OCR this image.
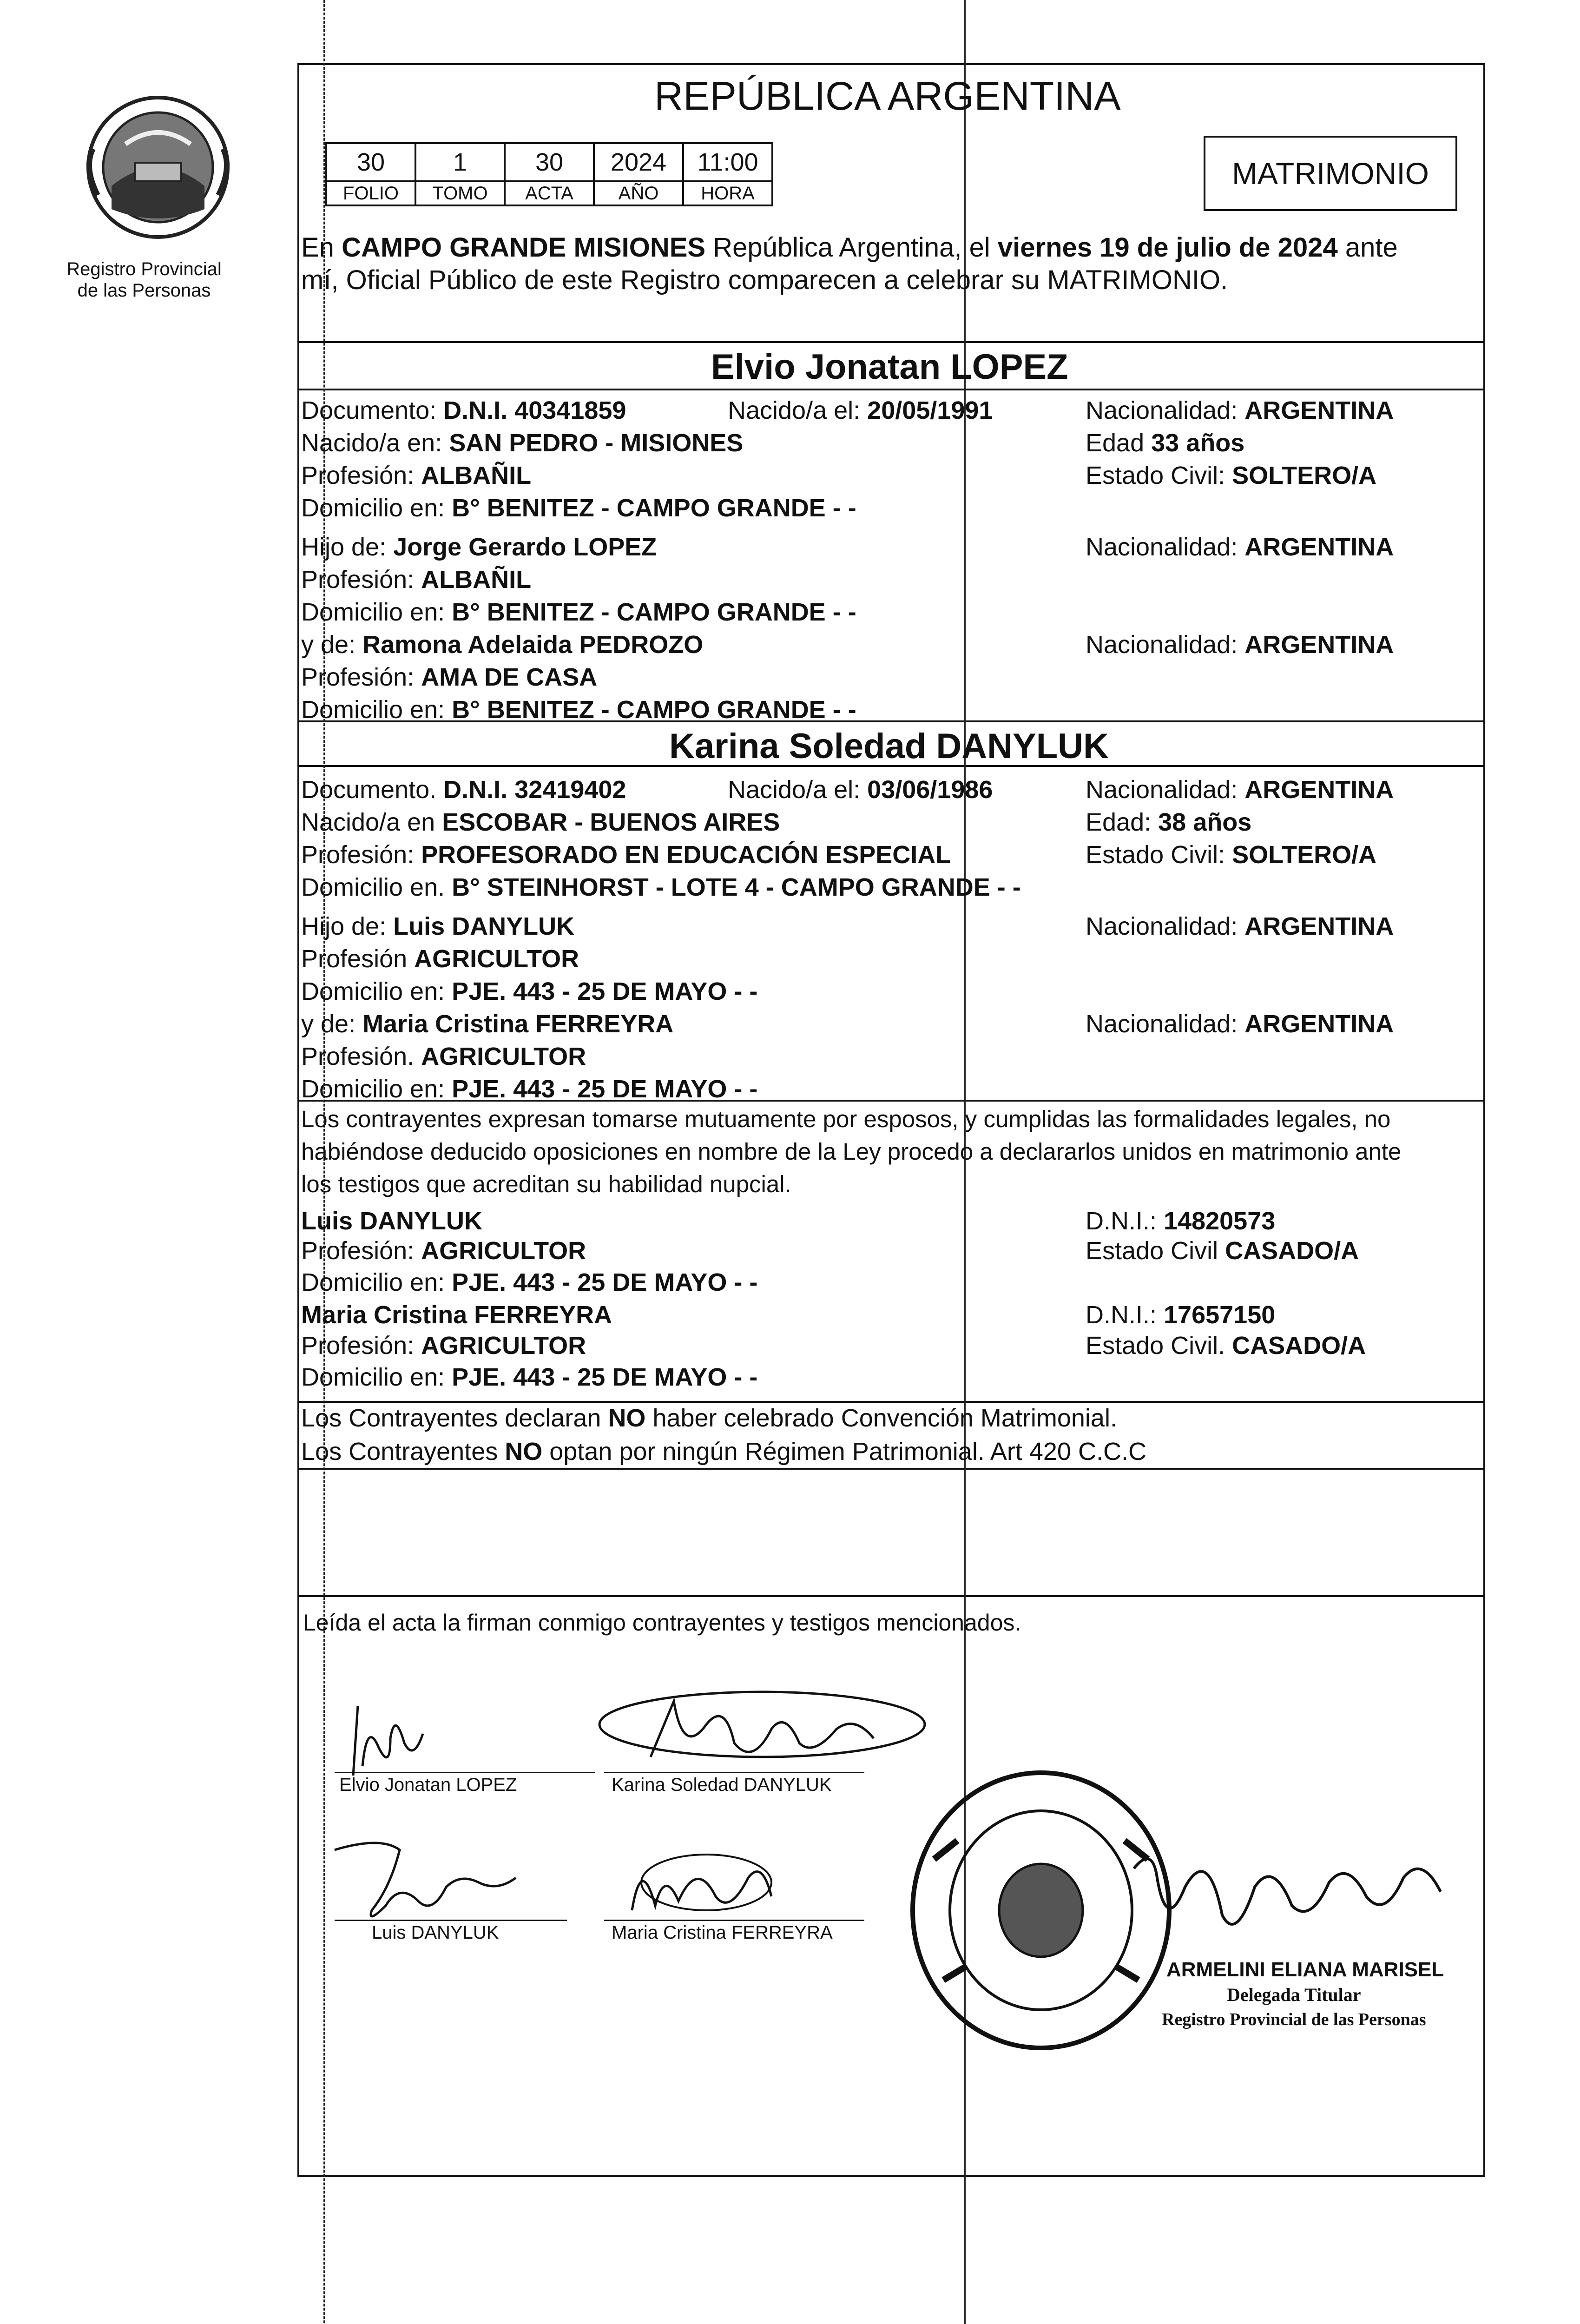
Registro Provincial
de las Personas
REPÚBLICA ARGENTINA
30	1	30	2024	11:00
FOLIO	TOMO	ACTA	AÑO	HORA
MATRIMONIO
En CAMPO GRANDE MISIONES República Argentina, el viernes 19 de julio de 2024 ante
mí, Oficial Público de este Registro comparecen a celebrar su MATRIMONIO.
Elvio Jonatan LOPEZ
Documento: D.N.I. 40341859	Nacido/a el: 20/05/1991	Nacionalidad: ARGENTINA
Nacido/a en: SAN PEDRO - MISIONES	Edad 33 años
Profesión: ALBAÑIL	Estado Civil: SOLTERO/A
Domicilio en: B° BENITEZ - CAMPO GRANDE - -
Hijo de: Jorge Gerardo LOPEZ	Nacionalidad: ARGENTINA
Profesión: ALBAÑIL
Domicilio en: B° BENITEZ - CAMPO GRANDE - -
y de: Ramona Adelaida PEDROZO	Nacionalidad: ARGENTINA
Profesión: AMA DE CASA
Domicilio en: B° BENITEZ - CAMPO GRANDE - -
Karina Soledad DANYLUK
Documento. D.N.I. 32419402	Nacido/a el: 03/06/1986	Nacionalidad: ARGENTINA
Nacido/a en ESCOBAR - BUENOS AIRES	Edad: 38 años
Profesión: PROFESORADO EN EDUCACIÓN ESPECIAL	Estado Civil: SOLTERO/A
Domicilio en. B° STEINHORST - LOTE 4 - CAMPO GRANDE - -
Hijo de: Luis DANYLUK	Nacionalidad: ARGENTINA
Profesión AGRICULTOR
Domicilio en: PJE. 443 - 25 DE MAYO - -
y de: Maria Cristina FERREYRA	Nacionalidad: ARGENTINA
Profesión. AGRICULTOR
Domicilio en: PJE. 443 - 25 DE MAYO - -
Los contrayentes expresan tomarse mutuamente por esposos, y cumplidas las formalidades legales, no
habiéndose deducido oposiciones en nombre de la Ley procedo a declararlos unidos en matrimonio ante
los testigos que acreditan su habilidad nupcial.
Luis DANYLUK	D.N.I.: 14820573
Profesión: AGRICULTOR	Estado Civil CASADO/A
Domicilio en: PJE. 443 - 25 DE MAYO - -
Maria Cristina FERREYRA	D.N.I.: 17657150
Profesión: AGRICULTOR	Estado Civil. CASADO/A
Domicilio en: PJE. 443 - 25 DE MAYO - -
Los Contrayentes declaran NO haber celebrado Convención Matrimonial.
Los Contrayentes NO optan por ningún Régimen Patrimonial. Art 420 C.C.C
Leída el acta la firman conmigo contrayentes y testigos mencionados.
Elvio Jonatan LOPEZ	Karina Soledad DANYLUK
Luis DANYLUK	Maria Cristina FERREYRA
ARMELINI ELIANA MARISEL
Delegada Titular
Registro Provincial de las Personas
